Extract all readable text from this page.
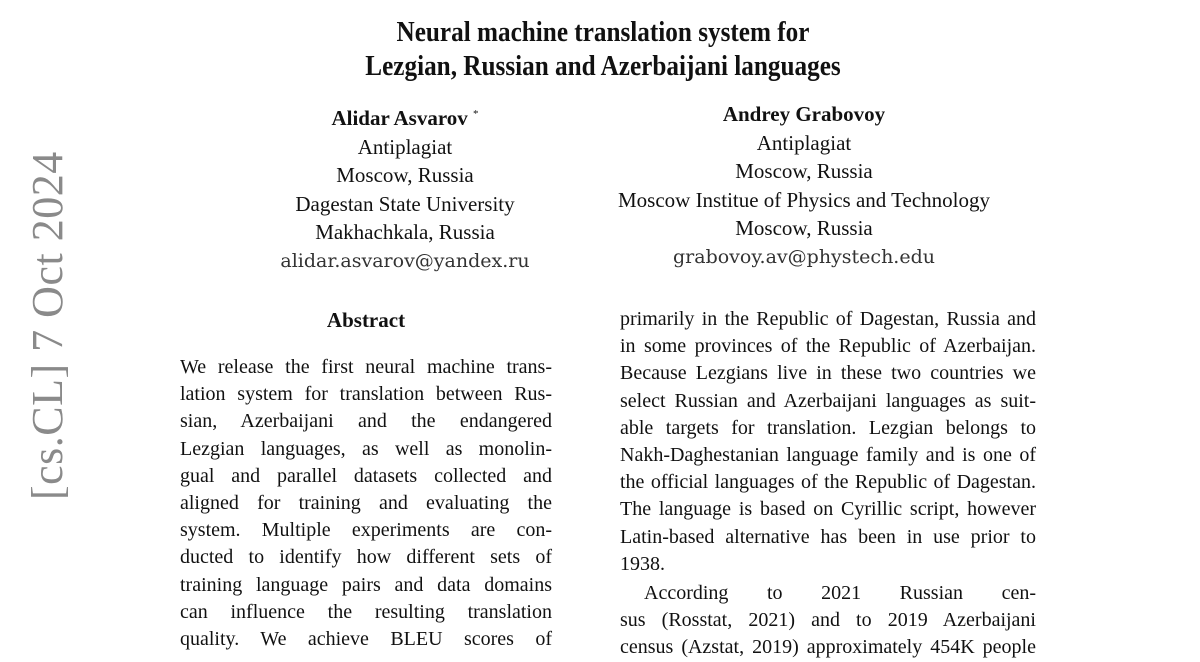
[cs.CL] 7 Oct 2024
Neural machine translation system for
Lezgian, Russian and Azerbaijani languages
Alidar Asvarov *
Antiplagiat
Moscow, Russia
Dagestan State University
Makhachkala, Russia
alidar.asvarov@yandex.ru
Andrey Grabovoy
Antiplagiat
Moscow, Russia
Moscow Institue of Physics and Technology
Moscow, Russia
grabovoy.av@phystech.edu
Abstract
We release the first neural machine trans-
lation system for translation between Rus-
sian, Azerbaijani and the endangered
Lezgian languages, as well as monolin-
gual and parallel datasets collected and
aligned for training and evaluating the
system. Multiple experiments are con-
ducted to identify how different sets of
training language pairs and data domains
can influence the resulting translation
quality. We achieve BLEU scores of
primarily in the Republic of Dagestan, Russia and
in some provinces of the Republic of Azerbaijan.
Because Lezgians live in these two countries we
select Russian and Azerbaijani languages as suit-
able targets for translation. Lezgian belongs to
Nakh-Daghestanian language family and is one of
the official languages of the Republic of Dagestan.
The language is based on Cyrillic script, however
Latin-based alternative has been in use prior to
1938.
According to 2021 Russian cen-
sus (Rosstat, 2021) and to 2019 Azerbaijani
census (Azstat, 2019) approximately 454K people
